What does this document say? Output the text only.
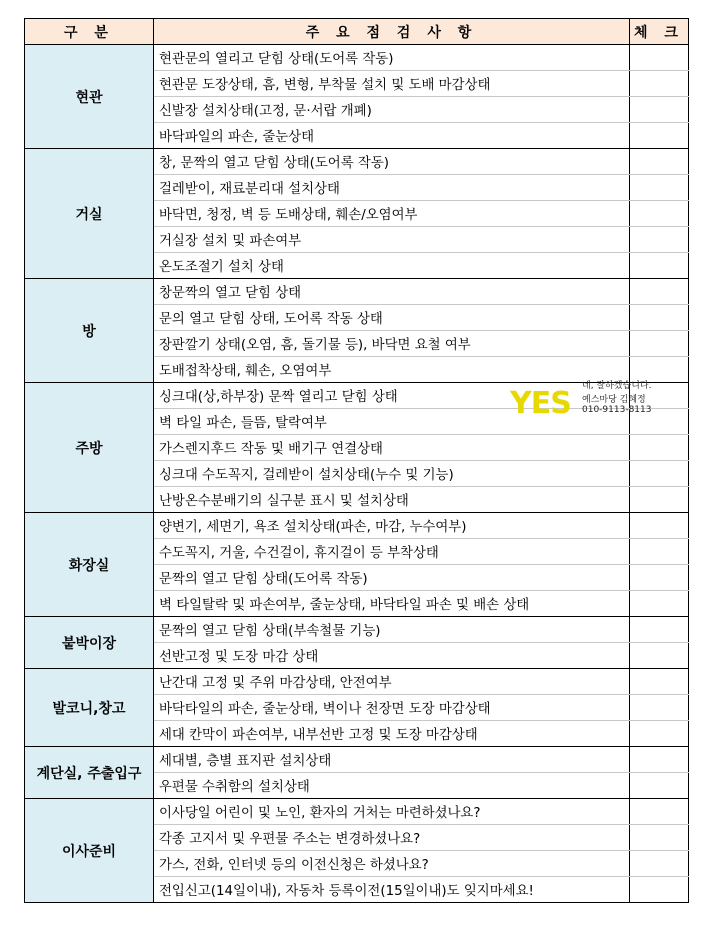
구 분	주 요 점 검 사 항	체 크
현관	현관문의 열리고 닫힘 상태(도어록 작동)	
	현관문 도장상태, 흠, 변형, 부착물 설치 및 도배 마감상태	
	신발장 설치상태(고정, 문·서랍 개폐)	
	바닥파일의 파손, 줄눈상태	
거실	창, 문짝의 열고 닫힘 상태(도어록 작동)	
	걸레받이, 재료분리대 설치상태	
	바닥면, 청정, 벽 등 도배상태, 훼손/오염여부	
	거실장 설치 및 파손여부	
	온도조절기 설치 상태	
방	창문짝의 열고 닫힘 상태	
	문의 열고 닫힘 상태, 도어록 작동 상태	
	장판깔기 상태(오염, 흠, 돌기물 등), 바닥면 요철 여부	
	도배접착상태, 훼손, 오염여부	
주방	싱크대(상,하부장) 문짝 열리고 닫힘 상태	
	벽 타일 파손, 들뜸, 탈락여부	
	가스렌지후드 작동 및 배기구 연결상태	
	싱크대 수도꼭지, 걸레받이 설치상태(누수 및 기능)	
	난방온수분배기의 실구분 표시 및 설치상태	
화장실	양변기, 세면기, 욕조 설치상태(파손, 마감, 누수여부)	
	수도꼭지, 거울, 수건걸이, 휴지걸이 등 부착상태	
	문짝의 열고 닫힘 상태(도어록 작동)	
	벽 타일탈락 및 파손여부, 줄눈상태, 바닥타일 파손 및 배손 상태	
붙박이장	문짝의 열고 닫힘 상태(부속철물 기능)	
	선반고정 및 도장 마감 상태	
발코니,창고	난간대 고정 및 주위 마감상태, 안전여부	
	바닥타일의 파손, 줄눈상태, 벽이나 천장면 도장 마감상태	
	세대 칸막이 파손여부, 내부선반 고정 및 도장 마감상태	
계단실, 주출입구	세대별, 층별 표지판 설치상태	
	우편물 수취함의 설치상태	
이사준비	이사당일 어린이 및 노인, 환자의 거처는 마련하셨나요?	
	각종 고지서 및 우편물 주소는 변경하셨나요?	
	가스, 전화, 인터넷 등의 이전신청은 하셨나요?	
	전입신고(14일이내), 자동차 등록이전(15일이내)도 잊지마세요!	
YES 네, 잘하겠습니다.
예스마당 김혜정
010-9113-8113
